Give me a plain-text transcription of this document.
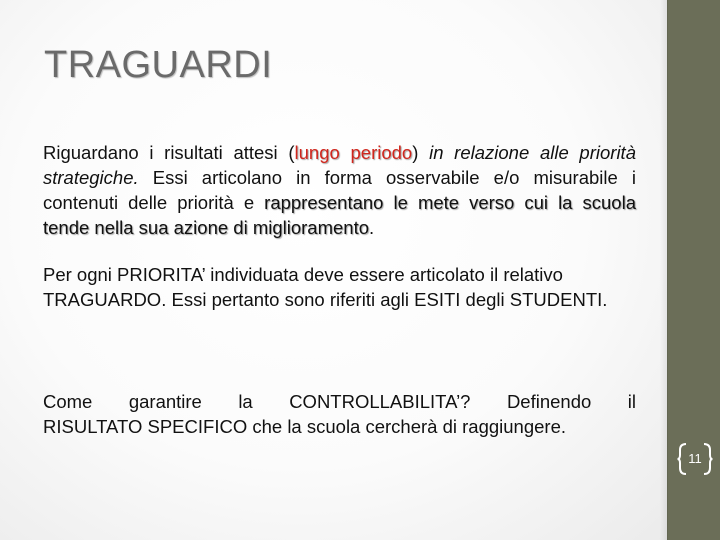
TRAGUARDI
Riguardano i risultati attesi (lungo periodo) in relazione alle priorità strategiche. Essi articolano in forma osservabile e/o misurabile i contenuti delle priorità e rappresentano le mete verso cui la scuola tende nella sua azione di miglioramento.
Per ogni PRIORITA’ individuata deve essere articolato il relativo TRAGUARDO. Essi pertanto sono riferiti agli ESITI degli STUDENTI.
Come garantire la CONTROLLABILITA’? Definendo il
RISULTATO SPECIFICO che la scuola cercherà di raggiungere.
11
